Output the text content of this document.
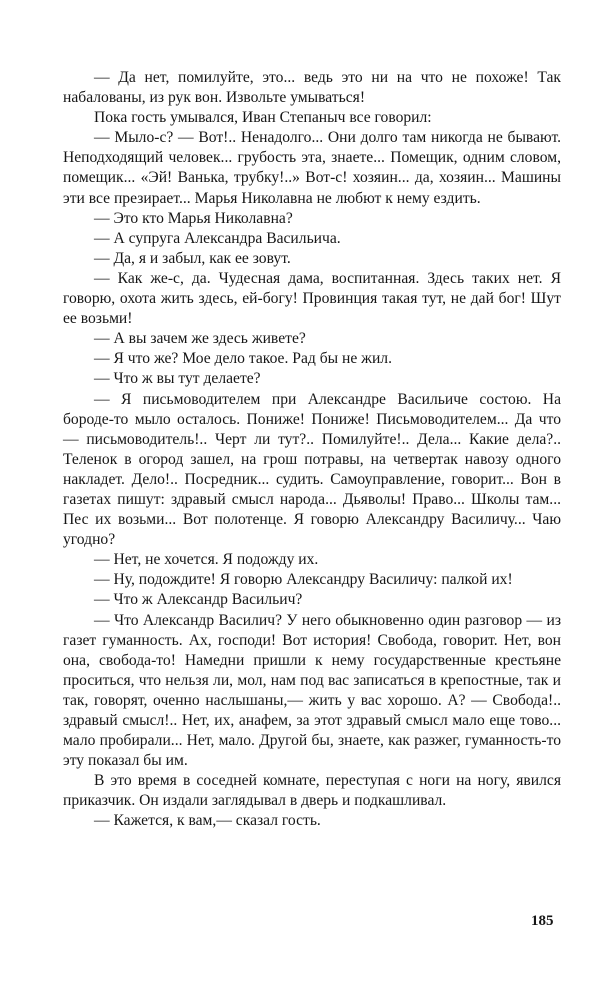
— Да нет, помилуйте, это... ведь это ни на что не похоже! Так набалованы, из рук вон. Извольте умываться!

Пока гость умывался, Иван Степаныч все говорил:

— Мыло-с? — Вот!.. Ненадолго... Они долго там никогда не бывают. Неподходящий человек... грубость эта, знаете... Помещик, одним словом, помещик... «Эй! Ванька, трубку!..» Вот-с! хозяин... да, хозяин... Машины эти все презирает... Марья Николавна не любют к нему ездить.

— Это кто Марья Николавна?

— А супруга Александра Васильича.

— Да, я и забыл, как ее зовут.

— Как же-с, да. Чудесная дама, воспитанная. Здесь таких нет. Я говорю, охота жить здесь, ей-богу! Провинция такая тут, не дай бог! Шут ее возьми!

— А вы зачем же здесь живете?

— Я что же? Мое дело такое. Рад бы не жил.

— Что ж вы тут делаете?

— Я письмоводителем при Александре Васильиче состою. На бороде-то мыло осталось. Пониже! Пониже! Письмоводителем... Да что — письмоводитель!.. Черт ли тут?.. Помилуйте!.. Дела... Какие дела?.. Теленок в огород зашел, на грош потравы, на четвертак навозу одного накладет. Дело!.. Посредник... судить. Самоуправление, говорит... Вон в газетах пишут: здравый смысл народа... Дьяволы! Право... Школы там... Пес их возьми... Вот полотенце. Я говорю Александру Василичу... Чаю угодно?

— Нет, не хочется. Я подожду их.

— Ну, подождите! Я говорю Александру Василичу: палкой их!

— Что ж Александр Васильич?

— Что Александр Василич? У него обыкновенно один разговор — из газет гуманность. Ах, господи! Вот история! Свобода, говорит. Нет, вон она, свобода-то! Намедни пришли к нему государственные крестьяне проситься, что нельзя ли, мол, нам под вас записаться в крепостные, так и так, говорят, оченно наслышаны,— жить у вас хорошо. А? — Свобода!.. здравый смысл!.. Нет, их, анафем, за этот здравый смысл мало еще тово... мало пробирали... Нет, мало. Другой бы, знаете, как разжег, гуманность-то эту показал бы им.

В это время в соседней комнате, переступая с ноги на ногу, явился приказчик. Он издали заглядывал в дверь и подкашливал.

— Кажется, к вам,— сказал гость.

185
